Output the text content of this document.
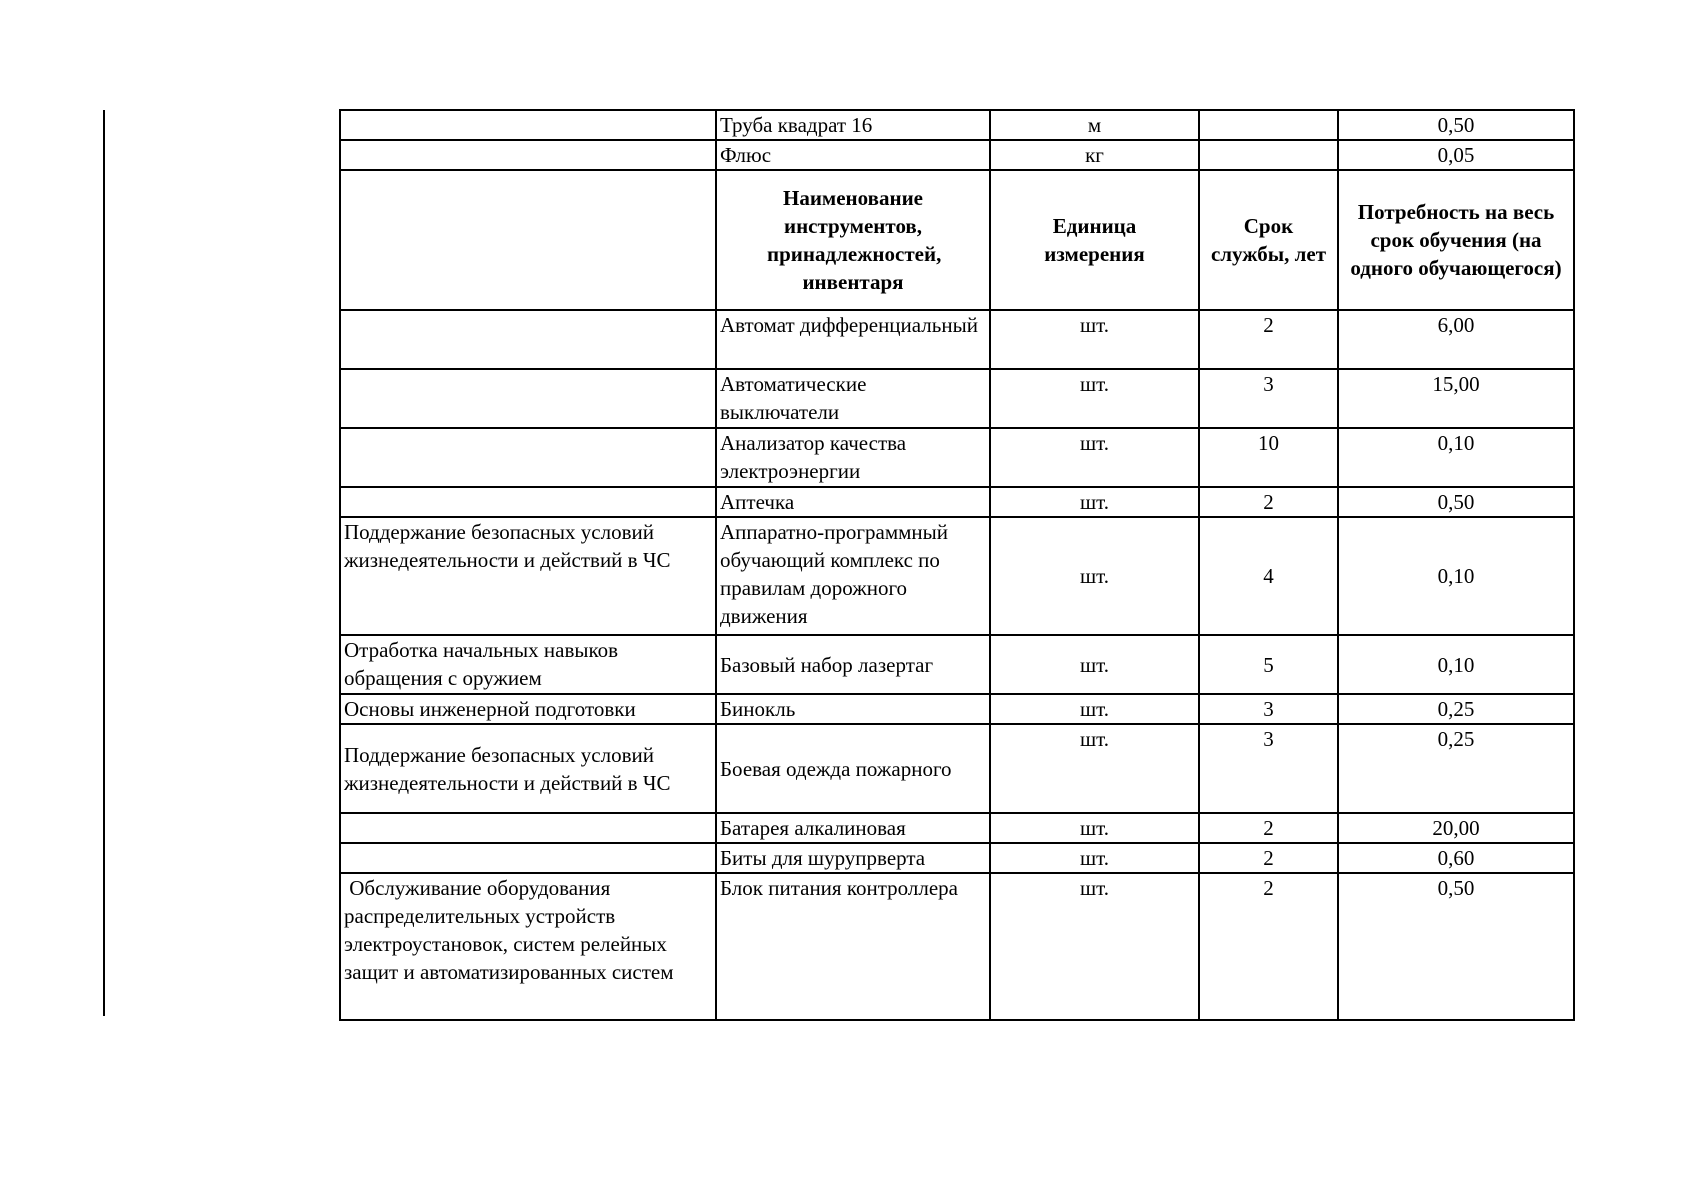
	Труба квадрат 16	м		0,50
	Флюс	кг		0,05
	Наименование инструментов, принадлежностей, инвентаря	Единица измерения	Срок службы, лет	Потребность на весь срок обучения (на одного обучающегося)
	Автомат дифференциальный	шт.	2	6,00
	Автоматические выключатели	шт.	3	15,00
	Анализатор качества электроэнергии	шт.	10	0,10
	Аптечка	шт.	2	0,50
Поддержание безопасных условий жизнедеятельности и действий в ЧС	Аппаратно-программный обучающий комплекс по правилам дорожного движения	шт.	4	0,10
Отработка начальных навыков обращения с оружием	Базовый набор лазертаг	шт.	5	0,10
Основы инженерной подготовки	Бинокль	шт.	3	0,25
Поддержание безопасных условий жизнедеятельности и действий в ЧС	Боевая одежда пожарного	шт.	3	0,25
	Батарея алкалиновая	шт.	2	20,00
	Биты для шурупрверта	шт.	2	0,60
Обслуживание оборудования распределительных устройств электроустановок, систем релейных защит и автоматизированных систем	Блок питания контроллера	шт.	2	0,50
